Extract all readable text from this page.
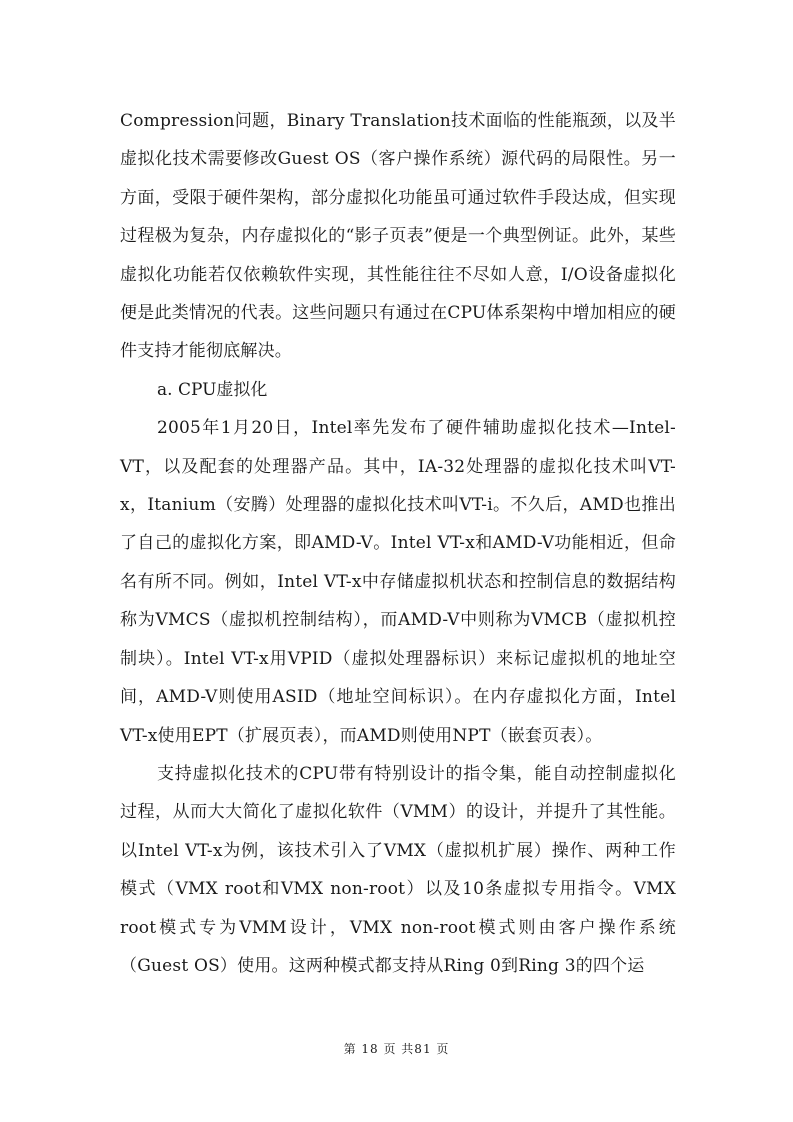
Compression问题，Binary Translation技术面临的性能瓶颈，以及半虚拟化技术需要修改Guest OS（客户操作系统）源代码的局限性。另一方面，受限于硬件架构，部分虚拟化功能虽可通过软件手段达成，但实现过程极为复杂，内存虚拟化的“影子页表”便是一个典型例证。此外，某些虚拟化功能若仅依赖软件实现，其性能往往不尽如人意，I/O设备虚拟化便是此类情况的代表。这些问题只有通过在CPU体系架构中增加相应的硬件支持才能彻底解决。

a. CPU虚拟化

2005年1月20日，Intel率先发布了硬件辅助虚拟化技术—Intel-VT，以及配套的处理器产品。其中，IA-32处理器的虚拟化技术叫VT-x，Itanium（安腾）处理器的虚拟化技术叫VT-i。不久后，AMD也推出了自己的虚拟化方案，即AMD-V。Intel VT-x和AMD-V功能相近，但命名有所不同。例如，Intel VT-x中存储虚拟机状态和控制信息的数据结构称为VMCS（虚拟机控制结构），而AMD-V中则称为VMCB（虚拟机控制块）。Intel VT-x用VPID（虚拟处理器标识）来标记虚拟机的地址空间，AMD-V则使用ASID（地址空间标识）。在内存虚拟化方面，Intel VT-x使用EPT（扩展页表），而AMD则使用NPT（嵌套页表）。

支持虚拟化技术的CPU带有特别设计的指令集，能自动控制虚拟化过程，从而大大简化了虚拟化软件（VMM）的设计，并提升了其性能。以Intel VT-x为例，该技术引入了VMX（虚拟机扩展）操作、两种工作模式（VMX root和VMX non-root）以及10条虚拟专用指令。VMX root模式专为VMM设计，VMX non-root模式则由客户操作系统（Guest OS）使用。这两种模式都支持从Ring 0到Ring 3的四个运

第 18 页 共81 页
